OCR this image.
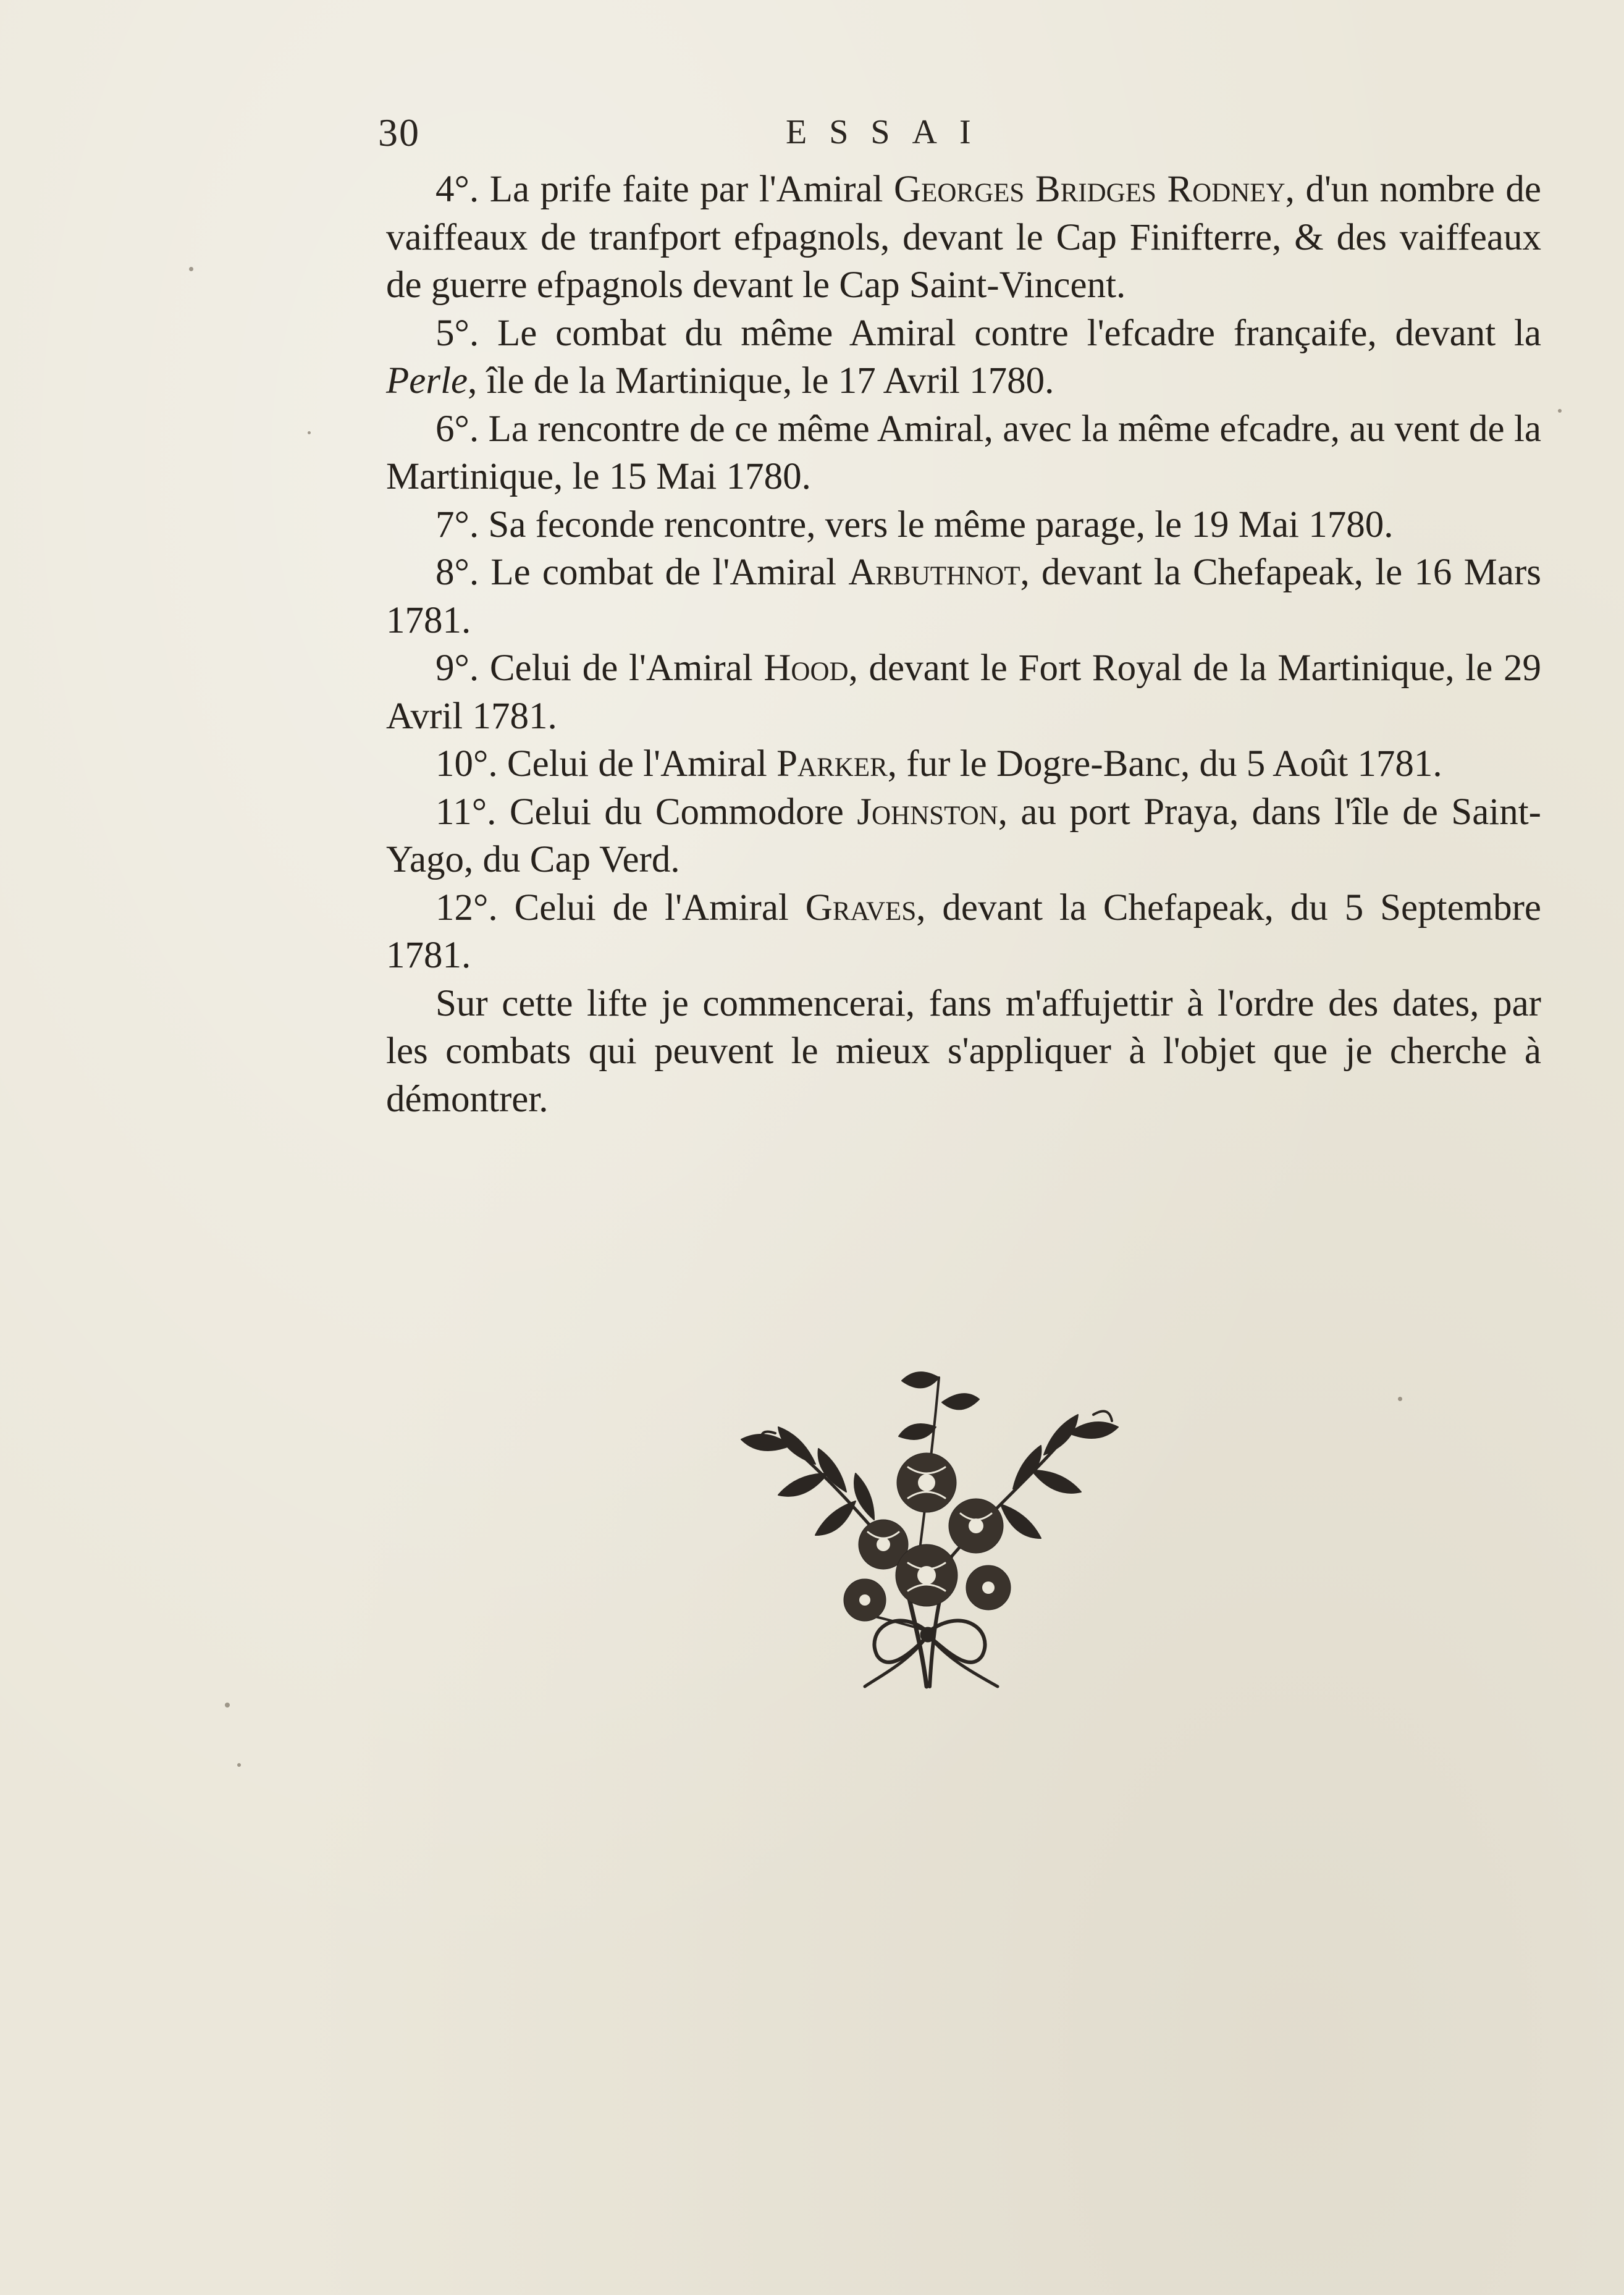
30	ESSAI

4°. La prife faite par l'Amiral Georges Bridges Rodney, d'un nombre de vaiffeaux de tranfport efpagnols, devant le Cap Finifterre, & des vaiffeaux de guerre efpagnols devant le Cap Saint-Vincent.

5°. Le combat du même Amiral contre l'efcadre françaife, devant la Perle, île de la Martinique, le 17 Avril 1780.

6°. La rencontre de ce même Amiral, avec la même efcadre, au vent de la Martinique, le 15 Mai 1780.

7°. Sa feconde rencontre, vers le même parage, le 19 Mai 1780.

8°. Le combat de l'Amiral Arbuthnot, devant la Chefapeak, le 16 Mars 1781.

9°. Celui de l'Amiral Hood, devant le Fort Royal de la Martinique, le 29 Avril 1781.

10°. Celui de l'Amiral Parker, fur le Dogre-Banc, du 5 Août 1781.

11°. Celui du Commodore Johnston, au port Praya, dans l'île de Saint-Yago, du Cap Verd.

12°. Celui de l'Amiral Graves, devant la Chefapeak, du 5 Septembre 1781.

Sur cette lifte je commencerai, fans m'affujettir à l'ordre des dates, par les combats qui peuvent le mieux s'appliquer à l'objet que je cherche à démontrer.
